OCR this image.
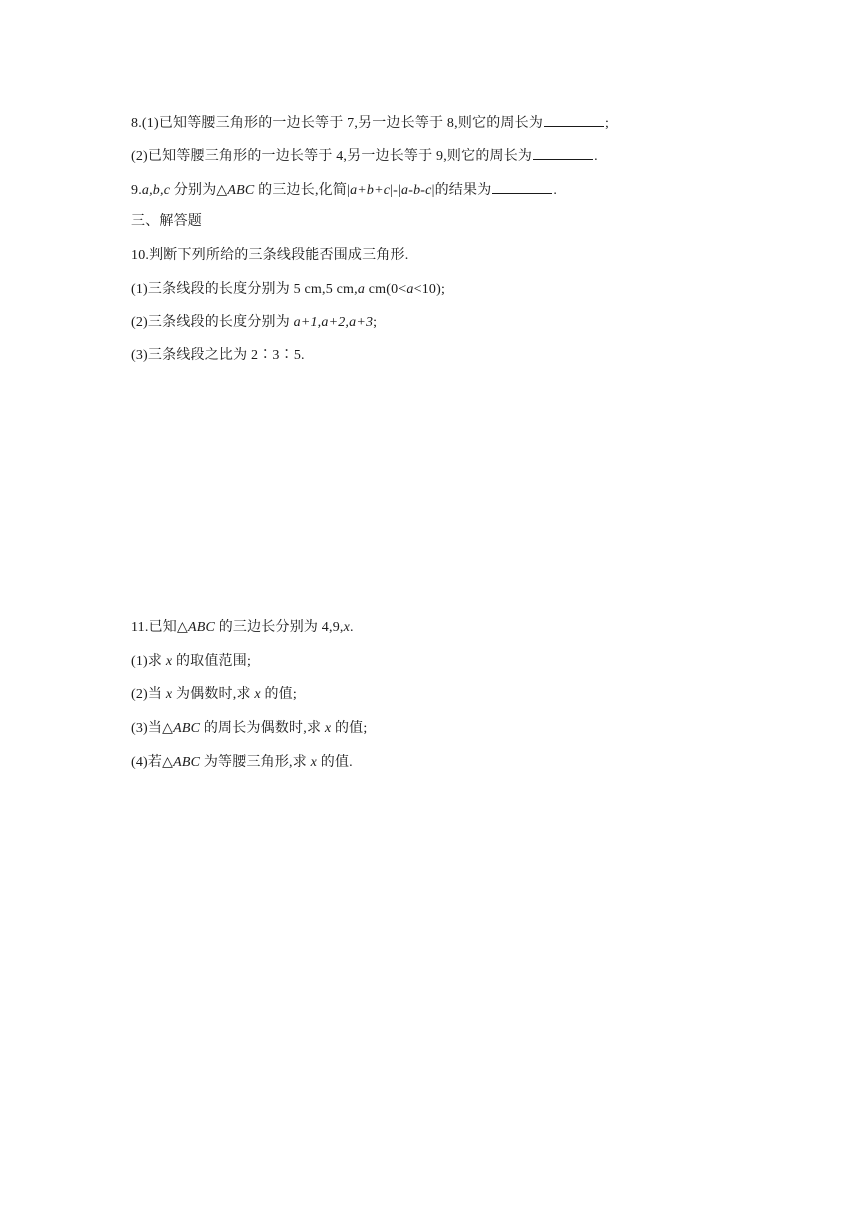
8.(1)已知等腰三角形的一边长等于 7,另一边长等于 8,则它的周长为	;
(2)已知等腰三角形的一边长等于 4,另一边长等于 9,则它的周长为	.
9.a,b,c 分别为△ABC 的三边长,化简|a+b+c|-|a-b-c|的结果为	.
三、解答题
10.判断下列所给的三条线段能否围成三角形.
(1)三条线段的长度分别为 5 cm,5 cm,a cm(0<a<10);
(2)三条线段的长度分别为 a+1,a+2,a+3;
(3)三条线段之比为 2∶3∶5.
11.已知△ABC 的三边长分别为 4,9,x.
(1)求 x 的取值范围;
(2)当 x 为偶数时,求 x 的值;
(3)当△ABC 的周长为偶数时,求 x 的值;
(4)若△ABC 为等腰三角形,求 x 的值.
